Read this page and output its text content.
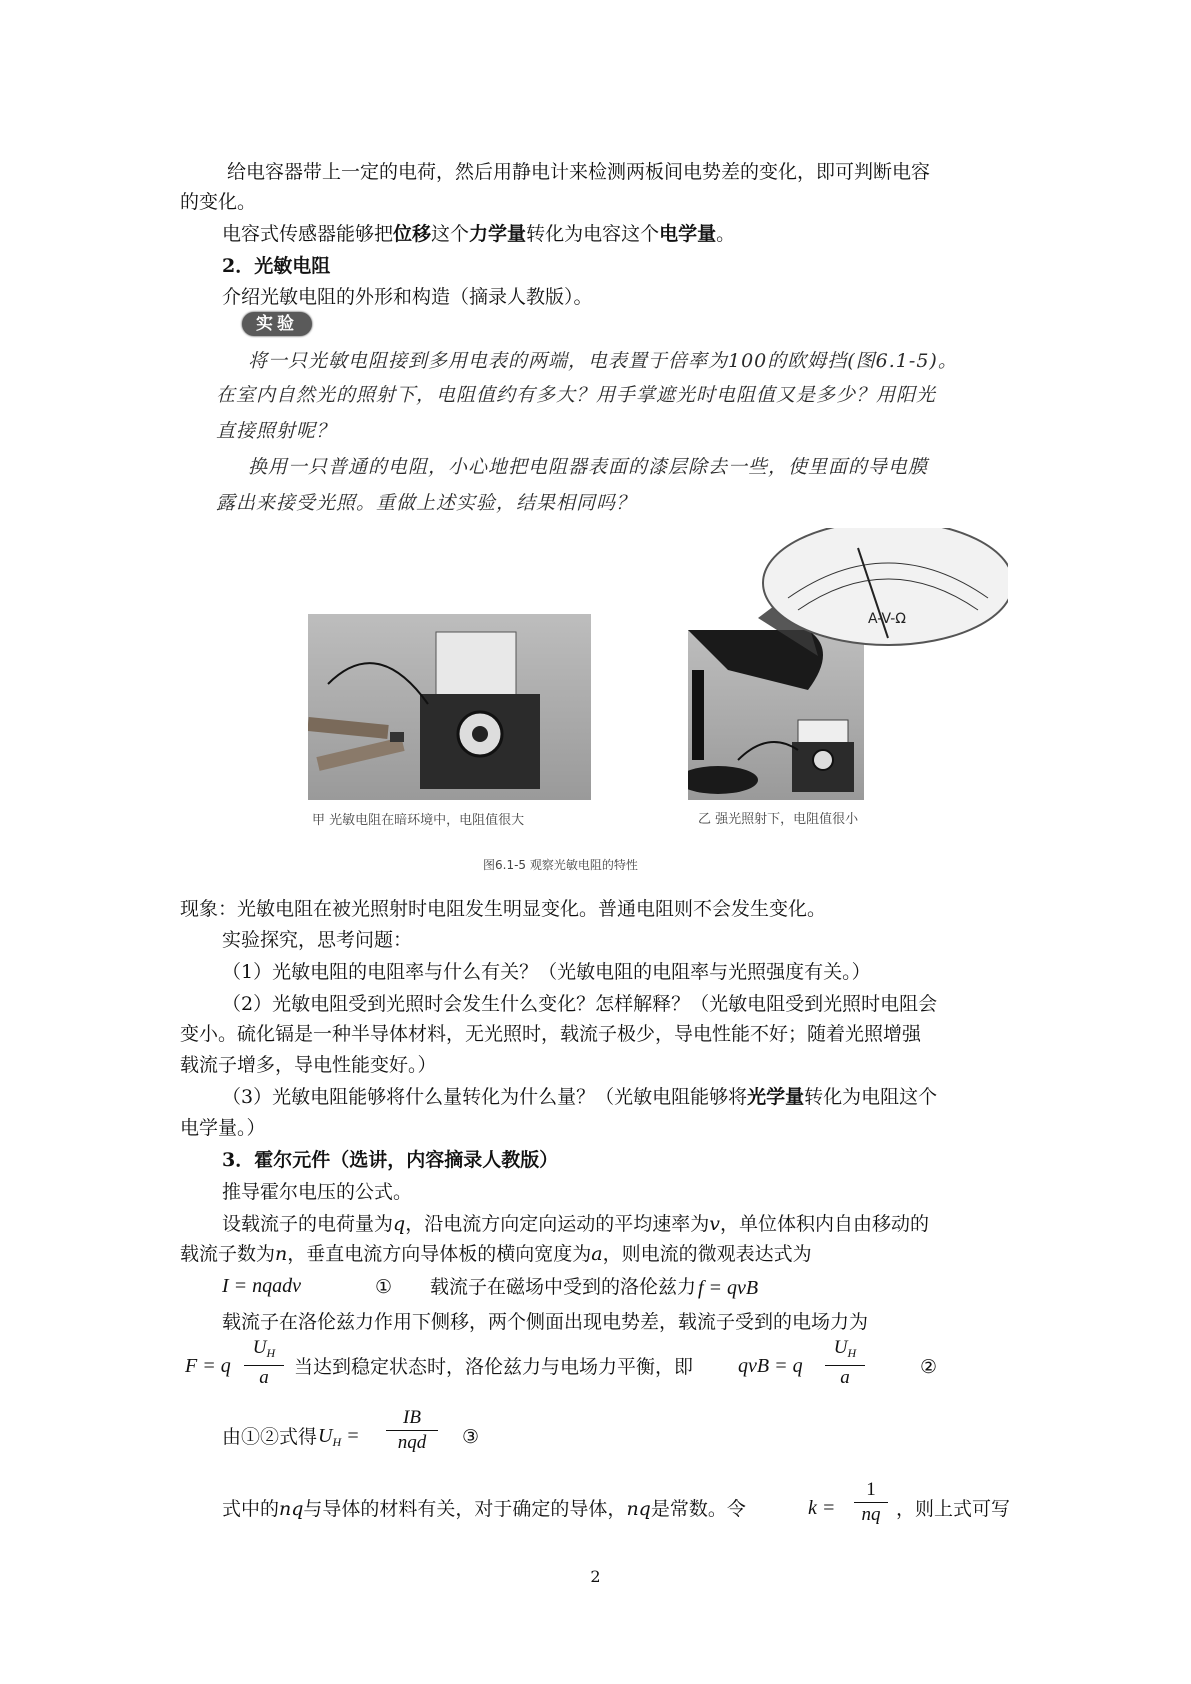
给电容器带上一定的电荷，然后用静电计来检测两板间电势差的变化，即可判断电容
的变化。
电容式传感器能够把位移这个力学量转化为电容这个电学量。
2．光敏电阻
介绍光敏电阻的外形和构造（摘录人教版）。
实验
将一只光敏电阻接到多用电表的两端，电表置于倍率为100的欧姆挡(图6.1-5)。
在室内自然光的照射下，电阻值约有多大？用手掌遮光时电阻值又是多少？用阳光
直接照射呢？
换用一只普通的电阻，小心地把电阻器表面的漆层除去一些，使里面的导电膜
露出来接受光照。重做上述实验，结果相同吗？
甲 光敏电阻在暗环境中，电阻值很大
A-V-Ω
乙 强光照射下，电阻值很小
图6.1-5 观察光敏电阻的特性
现象：光敏电阻在被光照射时电阻发生明显变化。普通电阻则不会发生变化。
实验探究，思考问题：
（1）光敏电阻的电阻率与什么有关？（光敏电阻的电阻率与光照强度有关。）
（2）光敏电阻受到光照时会发生什么变化？怎样解释？（光敏电阻受到光照时电阻会
变小。硫化镉是一种半导体材料，无光照时，载流子极少，导电性能不好；随着光照增强
载流子增多，导电性能变好。）
（3）光敏电阻能够将什么量转化为什么量？（光敏电阻能够将光学量转化为电阻这个
电学量。）
3．霍尔元件（选讲，内容摘录人教版）
推导霍尔电压的公式。
设载流子的电荷量为q，沿电流方向定向运动的平均速率为v，单位体积内自由移动的
载流子数为n，垂直电流方向导体板的横向宽度为a，则电流的微观表达式为
I = nqadv	① 载流子在磁场中受到的洛伦兹力 f = qvB
载流子在洛伦兹力作用下侧移，两个侧面出现电势差，载流子受到的电场力为
F = q $\frac{U_H}{a}$ 当达到稳定状态时，洛伦兹力与电场力平衡，即 qvB = q $\frac{U_H}{a}$	②
由①②式得 $U_H$ =
IB
nqd	③
式中的nq与导体的材料有关，对于确定的导体，nq是常数。令	$k = \frac{1}{nq}$ ，则上式可写
2
